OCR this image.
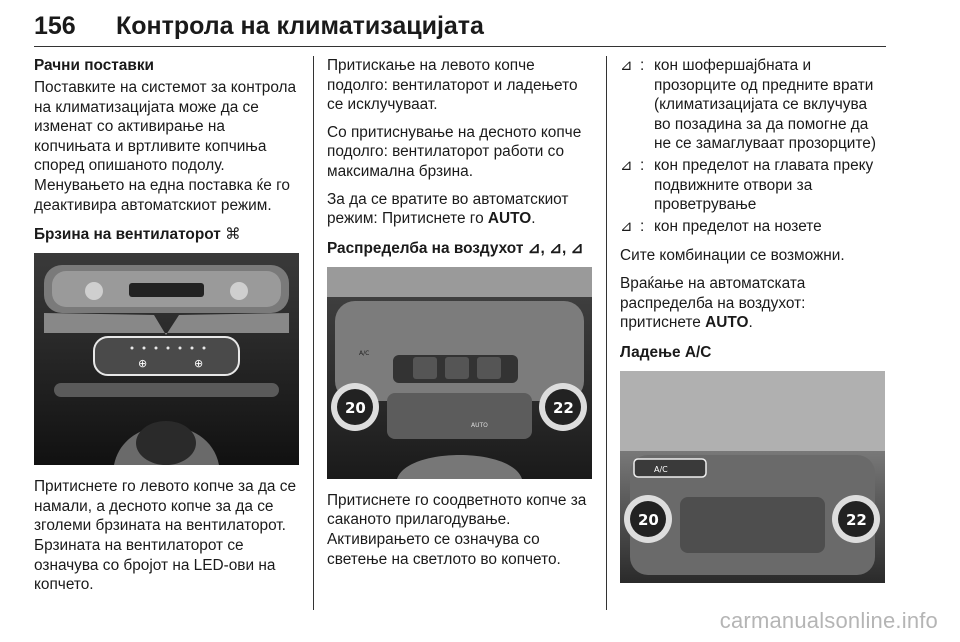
156 Контрола на климатизацијата
Рачни поставки
Поставките на системот за контрола на климатизацијата може да се изменат со активирање на копчињата и вртливите копчиња според опишаното подолу. Менувањето на една поставка ќе го деактивира автоматскиот режим.
Брзина на вентилаторот ⌘
⊕	⊕
Притиснете го левото копче за да се намали, а десното копче за да се зголеми брзината на вентилаторот. Брзината на вентилаторот се означува со бројот на LED-ови на копчето.
Притискање на левото копче подолго: вентилаторот и ладењето се исклучуваат.
Со притиснување на десното копче подолго: вентилаторот работи со максимална брзина.
За да се вратите во автоматскиот режим: Притиснете го AUTO.
Распределба на воздухот ⊿, ⊿, ⊿
20	22
A/C
AUTO
Притиснете го соодветното копче за саканото прилагодување. Активирањето се означува со светење на светлото во копчето.
⊿ : кон шофершајбната и прозорците од предните врати (климатизацијата се вклучува во позадина за да помогне да не се замаглуваат прозорците)
⊿ : кон пределот на главата преку подвижните отвори за проветрување
⊿ : кон пределот на нозете
Сите комбинации се возможни.
Враќање на автоматската распределба на воздухот: притиснете AUTO.
Ладење A/C
A/C
20	22
carmanualsonline.info
